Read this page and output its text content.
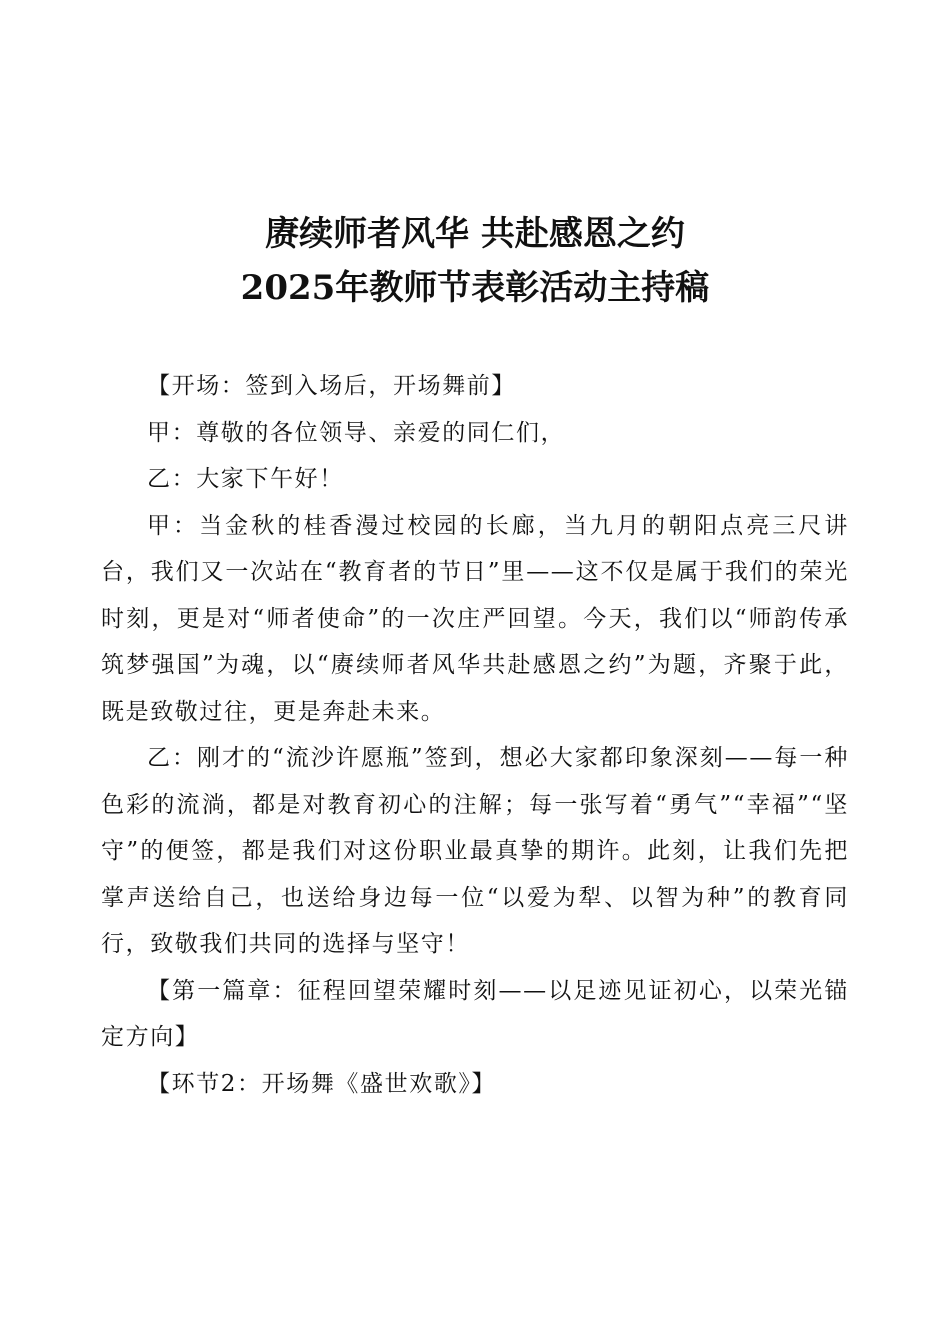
赓续师者风华 共赴感恩之约
2025年教师节表彰活动主持稿

【开场：签到入场后，开场舞前】

甲：尊敬的各位领导、亲爱的同仁们，

乙：大家下午好！

甲：当金秋的桂香漫过校园的长廊，当九月的朝阳点亮三尺讲台，我们又一次站在“教育者的节日”里——这不仅是属于我们的荣光时刻，更是对“师者使命”的一次庄严回望。今天，我们以“师韵传承筑梦强国”为魂，以“赓续师者风华共赴感恩之约”为题，齐聚于此，既是致敬过往，更是奔赴未来。

乙：刚才的“流沙许愿瓶”签到，想必大家都印象深刻——每一种色彩的流淌，都是对教育初心的注解；每一张写着“勇气”“幸福”“坚守”的便签，都是我们对这份职业最真挚的期许。此刻，让我们先把掌声送给自己，也送给身边每一位“以爱为犁、以智为种”的教育同行，致敬我们共同的选择与坚守！

【第一篇章：征程回望荣耀时刻——以足迹见证初心，以荣光锚定方向】

【环节2：开场舞《盛世欢歌》】
